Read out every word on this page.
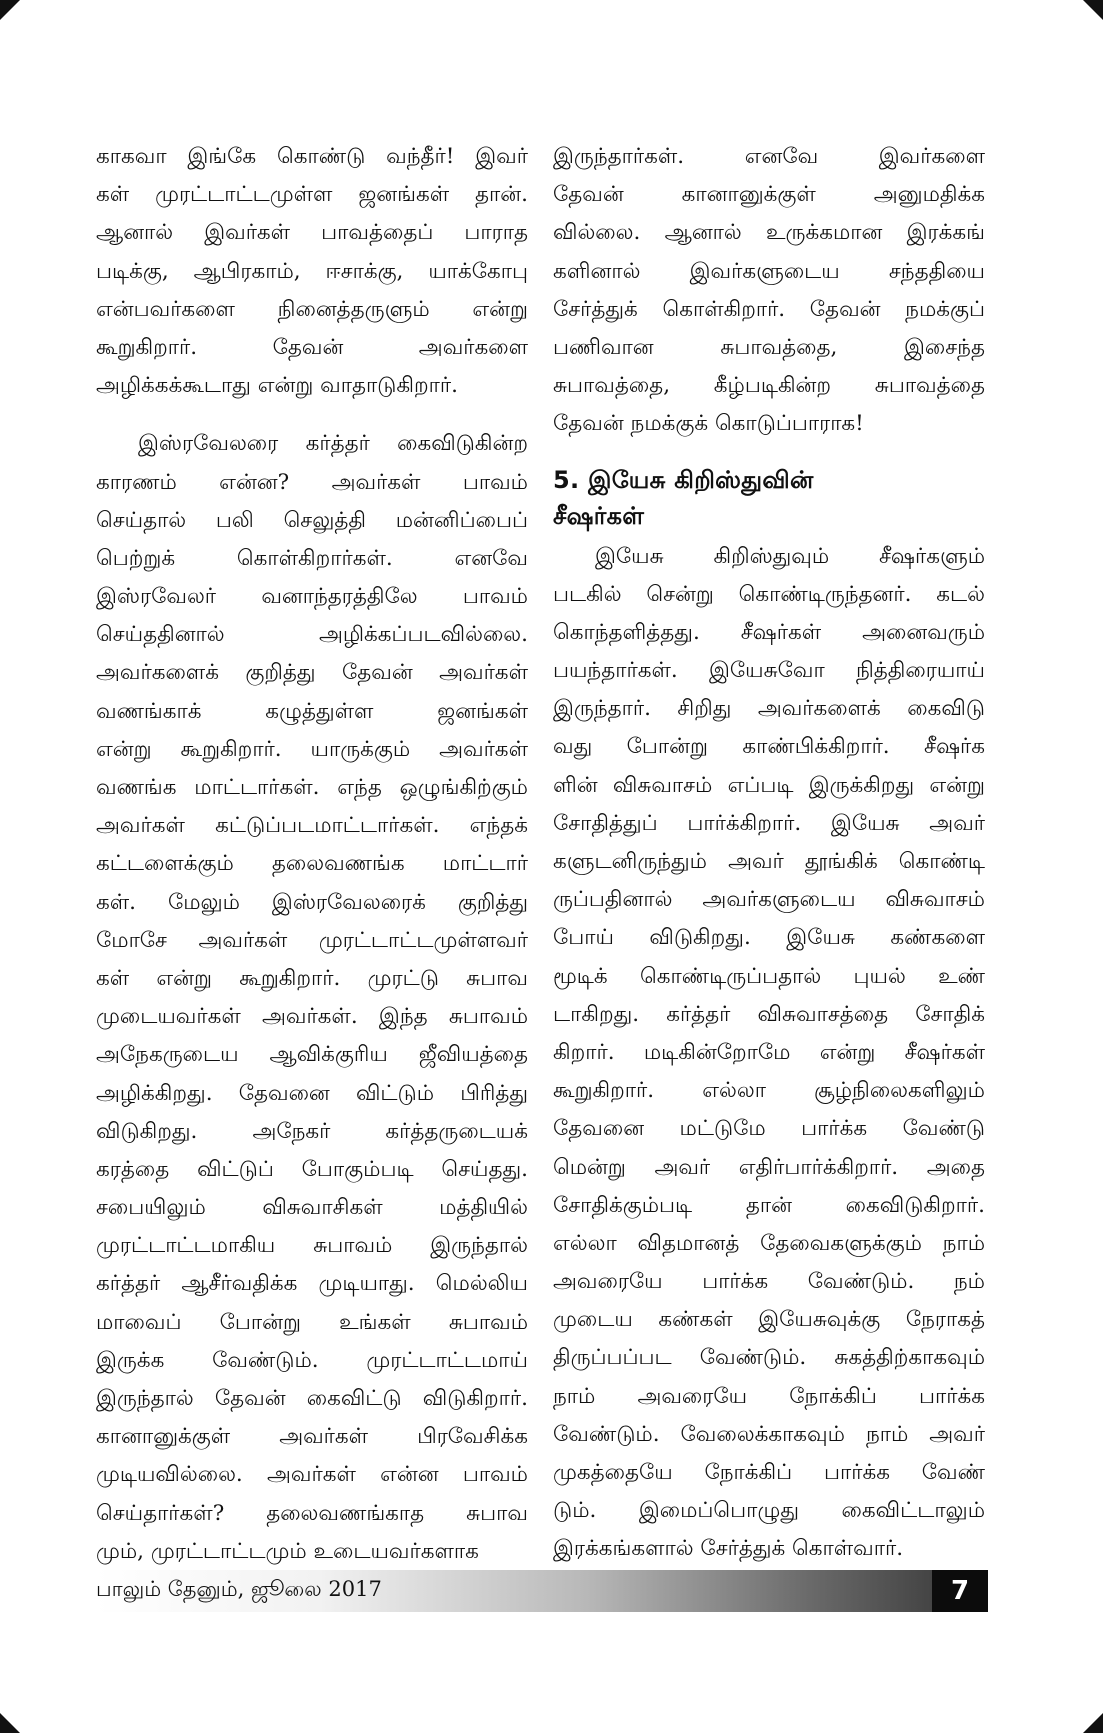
காகவா இங்கே கொண்டு வந்தீர்! இவர்
கள் முரட்டாட்டமுள்ள ஜனங்கள் தான்.
ஆனால் இவர்கள் பாவத்தைப் பாராத
படிக்கு, ஆபிரகாம், ஈசாக்கு, யாக்கோபு
என்பவர்களை நினைத்தருளும் என்று
கூறுகிறார்.	தேவன்	அவர்களை
அழிக்கக்கூடாது என்று வாதாடுகிறார்.
இஸ்ரவேலரை கர்த்தர் கைவிடுகின்ற
காரணம் என்ன? அவர்கள் பாவம்
செய்தால் பலி செலுத்தி மன்னிப்பைப்
பெற்றுக்	கொள்கிறார்கள்.	எனவே
இஸ்ரவேலர் வனாந்தரத்திலே பாவம்
செய்ததினால்	அழிக்கப்படவில்லை.
அவர்களைக் குறித்து தேவன் அவர்கள்
வணங்காக்	கழுத்துள்ள	ஜனங்கள்
என்று கூறுகிறார். யாருக்கும் அவர்கள்
வணங்க மாட்டார்கள். எந்த ஒழுங்கிற்கும்
அவர்கள் கட்டுப்படமாட்டார்கள். எந்தக்
கட்டளைக்கும் தலைவணங்க மாட்டார்
கள். மேலும் இஸ்ரவேலரைக் குறித்து
மோசே அவர்கள் முரட்டாட்டமுள்ளவர்
கள் என்று கூறுகிறார். முரட்டு சுபாவ
முடையவர்கள் அவர்கள். இந்த சுபாவம்
அநேகருடைய ஆவிக்குரிய ஜீவியத்தை
அழிக்கிறது. தேவனை விட்டும் பிரித்து
விடுகிறது.	அநேகர்	கர்த்தருடையக்
கரத்தை விட்டுப் போகும்படி செய்தது.
சபையிலும்	விசுவாசிகள்	மத்தியில்
முரட்டாட்டமாகிய சுபாவம் இருந்தால்
கர்த்தர் ஆசீர்வதிக்க முடியாது. மெல்லிய
மாவைப் போன்று உங்கள் சுபாவம்
இருக்க வேண்டும். முரட்டாட்டமாய்
இருந்தால் தேவன் கைவிட்டு விடுகிறார்.
கானானுக்குள் அவர்கள் பிரவேசிக்க
முடியவில்லை. அவர்கள் என்ன பாவம்
செய்தார்கள்? தலைவணங்காத சுபாவ
மும், முரட்டாட்டமும் உடையவர்களாக
இருந்தார்கள்.	எனவே	இவர்களை
தேவன்	கானானுக்குள்	அனுமதிக்க
வில்லை. ஆனால் உருக்கமான இரக்கங்
களினால் இவர்களுடைய சந்ததியை
சேர்த்துக் கொள்கிறார். தேவன் நமக்குப்
பணிவான	சுபாவத்தை,	இசைந்த
சுபாவத்தை, கீழ்படிகின்ற சுபாவத்தை
தேவன் நமக்குக் கொடுப்பாராக!
5. இயேசு கிறிஸ்துவின்
சீஷர்கள்
இயேசு கிறிஸ்துவும் சீஷர்களும்
படகில் சென்று கொண்டிருந்தனர். கடல்
கொந்தளித்தது. சீஷர்கள் அனைவரும்
பயந்தார்கள். இயேசுவோ நித்திரையாய்
இருந்தார். சிறிது அவர்களைக் கைவிடு
வது போன்று காண்பிக்கிறார். சீஷர்க
ளின் விசுவாசம் எப்படி இருக்கிறது என்று
சோதித்துப் பார்க்கிறார். இயேசு அவர்
களுடனிருந்தும் அவர் தூங்கிக் கொண்டி
ருப்பதினால் அவர்களுடைய விசுவாசம்
போய் விடுகிறது. இயேசு கண்களை
மூடிக் கொண்டிருப்பதால் புயல் உண்
டாகிறது. கர்த்தர் விசுவாசத்தை சோதிக்
கிறார். மடிகின்றோமே என்று சீஷர்கள்
கூறுகிறார். எல்லா சூழ்நிலைகளிலும்
தேவனை மட்டுமே பார்க்க வேண்டு
மென்று அவர் எதிர்பார்க்கிறார். அதை
சோதிக்கும்படி தான் கைவிடுகிறார்.
எல்லா விதமானத் தேவைகளுக்கும் நாம்
அவரையே பார்க்க வேண்டும். நம்
முடைய கண்கள் இயேசுவுக்கு நேராகத்
திருப்பப்பட வேண்டும். சுகத்திற்காகவும்
நாம் அவரையே நோக்கிப் பார்க்க
வேண்டும். வேலைக்காகவும் நாம் அவர்
முகத்தையே நோக்கிப் பார்க்க வேண்
டும். இமைப்பொழுது கைவிட்டாலும்
இரக்கங்களால் சேர்த்துக் கொள்வார்.
பாலும் தேனும், ஜூலை 2017	7
